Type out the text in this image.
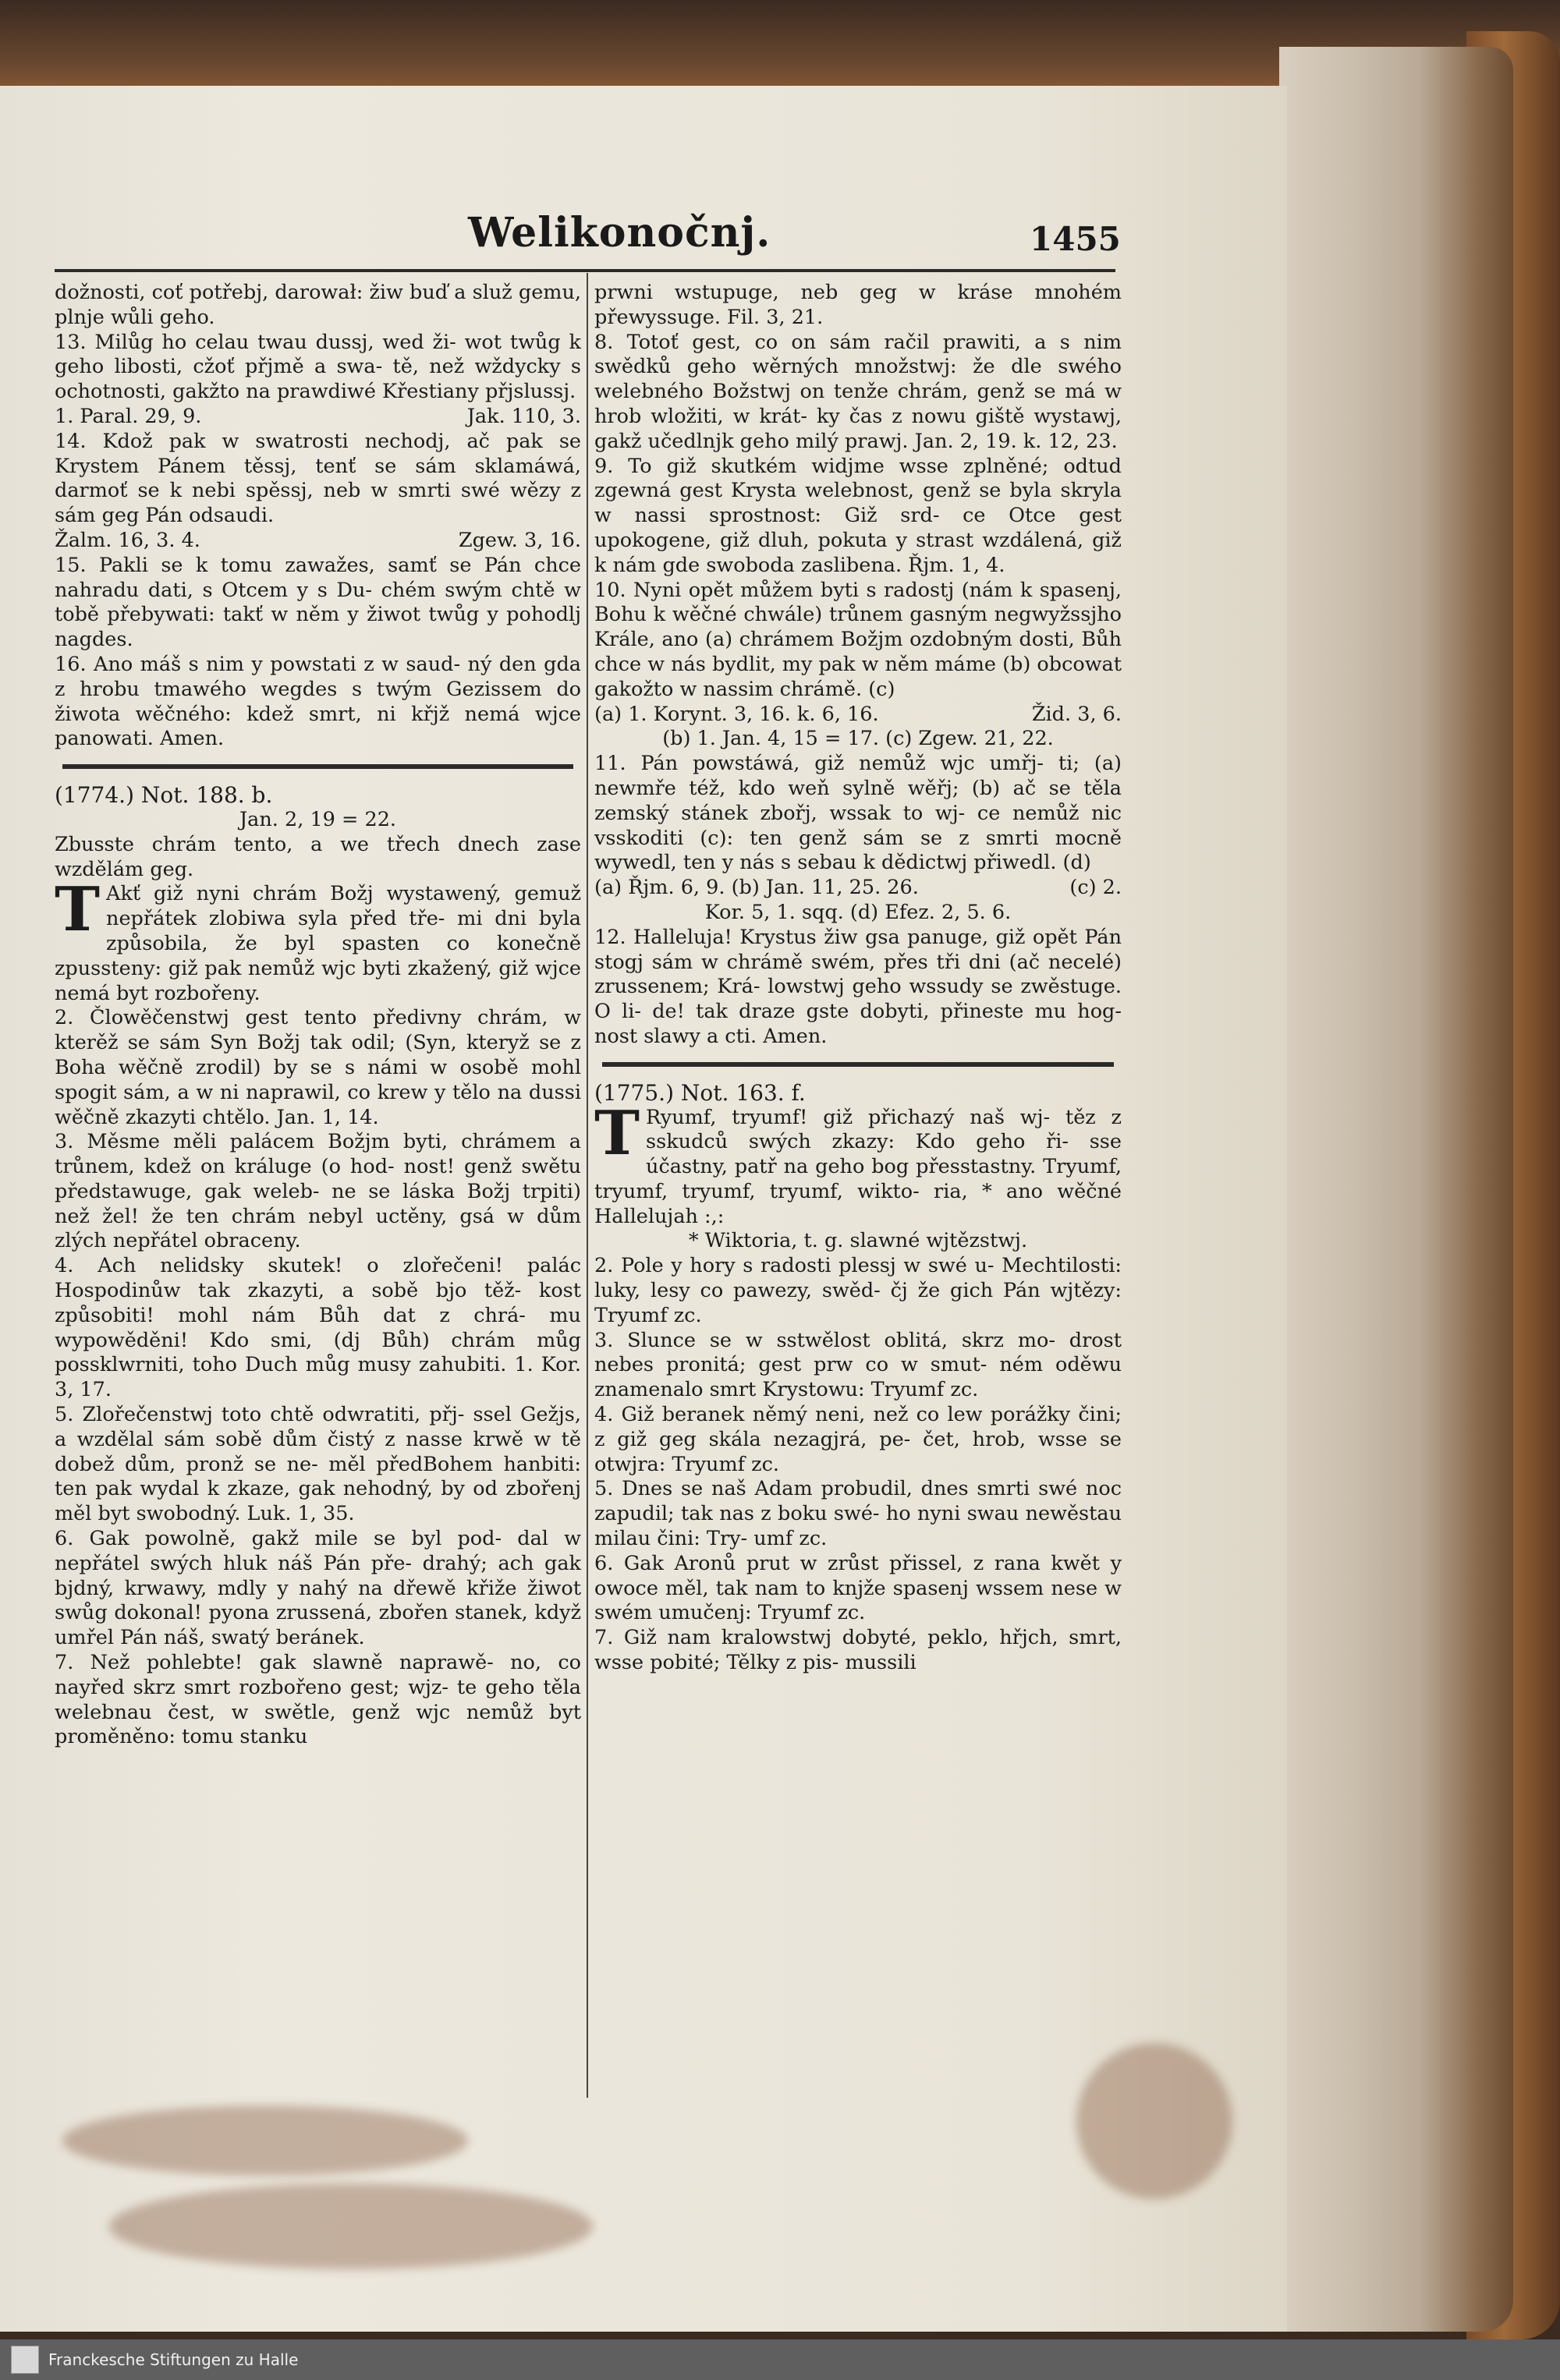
Welikonočnj.	1455

dožnosti, coť potřebj, darował: žiw buď a služ gemu, plnje wůli geho.

13. Milůg ho celau twau dussj, wed ži- wot twůg k geho libosti, cžoť přjmě a swa- tě, než wždycky s ochotnosti, gakžto na prawdiwé Křestiany přjslussj.

1. Paral. 29, 9.	Jak. 110, 3.

14. Kdož pak w swatrosti nechodj, ač pak se Krystem Pánem těssj, tenť se sám sklamáwá, darmoť se k nebi spěssj, neb w smrti swé wězy z sám geg Pán odsaudi.

Žalm. 16, 3. 4.	Zgew. 3, 16.

15. Pakli se k tomu zawažes, samť se Pán chce nahradu dati, s Otcem y s Du- chém swým chtě w tobě přebywati: takť w něm y žiwot twůg y pohodlj nagdes.

16. Ano máš s nim y powstati z w saud- ný den gda z hrobu tmawého wegdes s twým Gezissem do žiwota wěčného: kdež smrt, ni křjž nemá wjce panowati. Amen.

(1774.) Not. 188. b.

Jan. 2, 19 = 22.

Zbusste chrám tento, a we třech dnech zase wzdělám geg.

T Akť giž nyni chrám Božj wystawený, gemuž nepřátek zlobiwa syla před tře- mi dni byla způsobila, že byl spasten co konečně zpussteny: giž pak nemůž wjc byti zkažený, giž wjce nemá byt rozbořeny.

2. Člowěčenstwj gest tento předivny chrám, w kterěž se sám Syn Božj tak odil; (Syn, kteryž se z Boha wěčně zrodil) by se s námi w osobě mohl spogit sám, a w ni naprawil, co krew y tělo na dussi wěčně zkazyti chtělo. Jan. 1, 14.

3. Měsme měli palácem Božjm byti, chrámem a trůnem, kdež on králuge (o hod- nost! genž swětu předstawuge, gak weleb- ne se láska Božj trpiti) než žel! že ten chrám nebyl uctěny, gsá w dům zlých nepřátel obraceny.

4. Ach nelidsky skutek! o zlořečeni! palác Hospodinůw tak zkazyti, a sobě bjo těž- kost způsobiti! mohl nám Bůh dat z chrá- mu wypowěděni! Kdo smi, (dj Bůh) chrám můg possklwrniti, toho Duch můg musy zahubiti. 1. Kor. 3, 17.

5. Zlořečenstwj toto chtě odwratiti, přj- ssel Gežjs, a wzdělal sám sobě dům čistý z nasse krwě w tě dobež dům, pronž se ne- měl předBohem hanbiti: ten pak wydal k zkaze, gak nehodný, by od zbořenj měl byt swobodný. Luk. 1, 35.

6. Gak powolně, gakž mile se byl pod- dal w nepřátel swých hluk náš Pán pře- drahý; ach gak bjdný, krwawy, mdly y nahý na dřewě křiže žiwot swůg dokonal! pyona zrussená, zbořen stanek, když umřel Pán náš, swatý beránek.

7. Než pohlebte! gak slawně naprawě- no, co nayřed skrz smrt rozbořeno gest; wjz- te geho těla welebnau čest, w swětle, genž wjc nemůž byt proměněno: tomu stanku

prwni wstupuge, neb geg w kráse mnohém přewyssuge. Fil. 3, 21.

8. Totoť gest, co on sám račil prawiti, a s nim swědků geho wěrných množstwj: že dle swého welebného Božstwj on tenže chrám, genž se má w hrob wložiti, w krát- ky čas z nowu giště wystawj, gakž učedlnjk geho milý prawj. Jan. 2, 19. k. 12, 23.

9. To giž skutkém widjme wsse zplněné; odtud zgewná gest Krysta welebnost, genž se byla skryla w nassi sprostnost: Giž srd- ce Otce gest upokogene, giž dluh, pokuta y strast wzdálená, giž k nám gde swoboda zaslibena. Řjm. 1, 4.

10. Nyni opět můžem byti s radostj (nám k spasenj, Bohu k wěčné chwále) trůnem gasným negwyžssjho Krále, ano (a) chrámem Božjm ozdobným dosti, Bůh chce w nás bydlit, my pak w něm máme (b) obcowat gakožto w nassim chrámě. (c)

(a) 1. Korynt. 3, 16. k. 6, 16.	Žid. 3, 6.

(b) 1. Jan. 4, 15 = 17. (c) Zgew. 21, 22.

11. Pán powstáwá, giž nemůž wjc umřj- ti; (a) newmře též, kdo weň sylně wěřj; (b) ač se těla zemský stánek zbořj, wssak to wj- ce nemůž nic vsskoditi (c): ten genž sám se z smrti mocně wywedl, ten y nás s sebau k dědictwj přiwedl. (d)

(a) Řjm. 6, 9. (b) Jan. 11, 25. 26.	(c) 2.

Kor. 5, 1. sqq. (d) Efez. 2, 5. 6.

12. Halleluja! Krystus žiw gsa panuge, giž opět Pán stogj sám w chrámě swém, přes tři dni (ač necelé) zrussenem; Krá- lowstwj geho wssudy se zwěstuge. O li- de! tak draze gste dobyti, přineste mu hog- nost slawy a cti. Amen.

(1775.) Not. 163. f.

T Ryumf, tryumf! giž přichazý naš wj- těz z sskudců swých zkazy: Kdo geho ři- sse účastny, patř na geho bog přesstastny. Tryumf, tryumf, tryumf, tryumf, wikto- ria, * ano wěčné Hallelujah :,:

* Wiktoria, t. g. slawné wjtězstwj.

2. Pole y hory s radosti plessj w swé u- Mechtilosti: luky, lesy co pawezy, swěd- čj že gich Pán wjtězy: Tryumf zc.

3. Slunce se w sstwělost oblitá, skrz mo- drost nebes pronitá; gest prw co w smut- ném oděwu znamenalo smrt Krystowu: Tryumf zc.

4. Giž beranek němý neni, než co lew porážky čini; z giž geg skála nezagjrá, pe- čet, hrob, wsse se otwjra: Tryumf zc.

5. Dnes se naš Adam probudil, dnes smrti swé noc zapudil; tak nas z boku swé- ho nyni swau newěstau milau čini: Try- umf zc.

6. Gak Aronů prut w zrůst přissel, z rana kwět y owoce měl, tak nam to knjže spasenj wssem nese w swém umučenj: Tryumf zc.

7. Giž nam kralowstwj dobyté, peklo, hřjch, smrt, wsse pobité; Tělky z pis- mussili

Franckesche Stiftungen zu Halle
